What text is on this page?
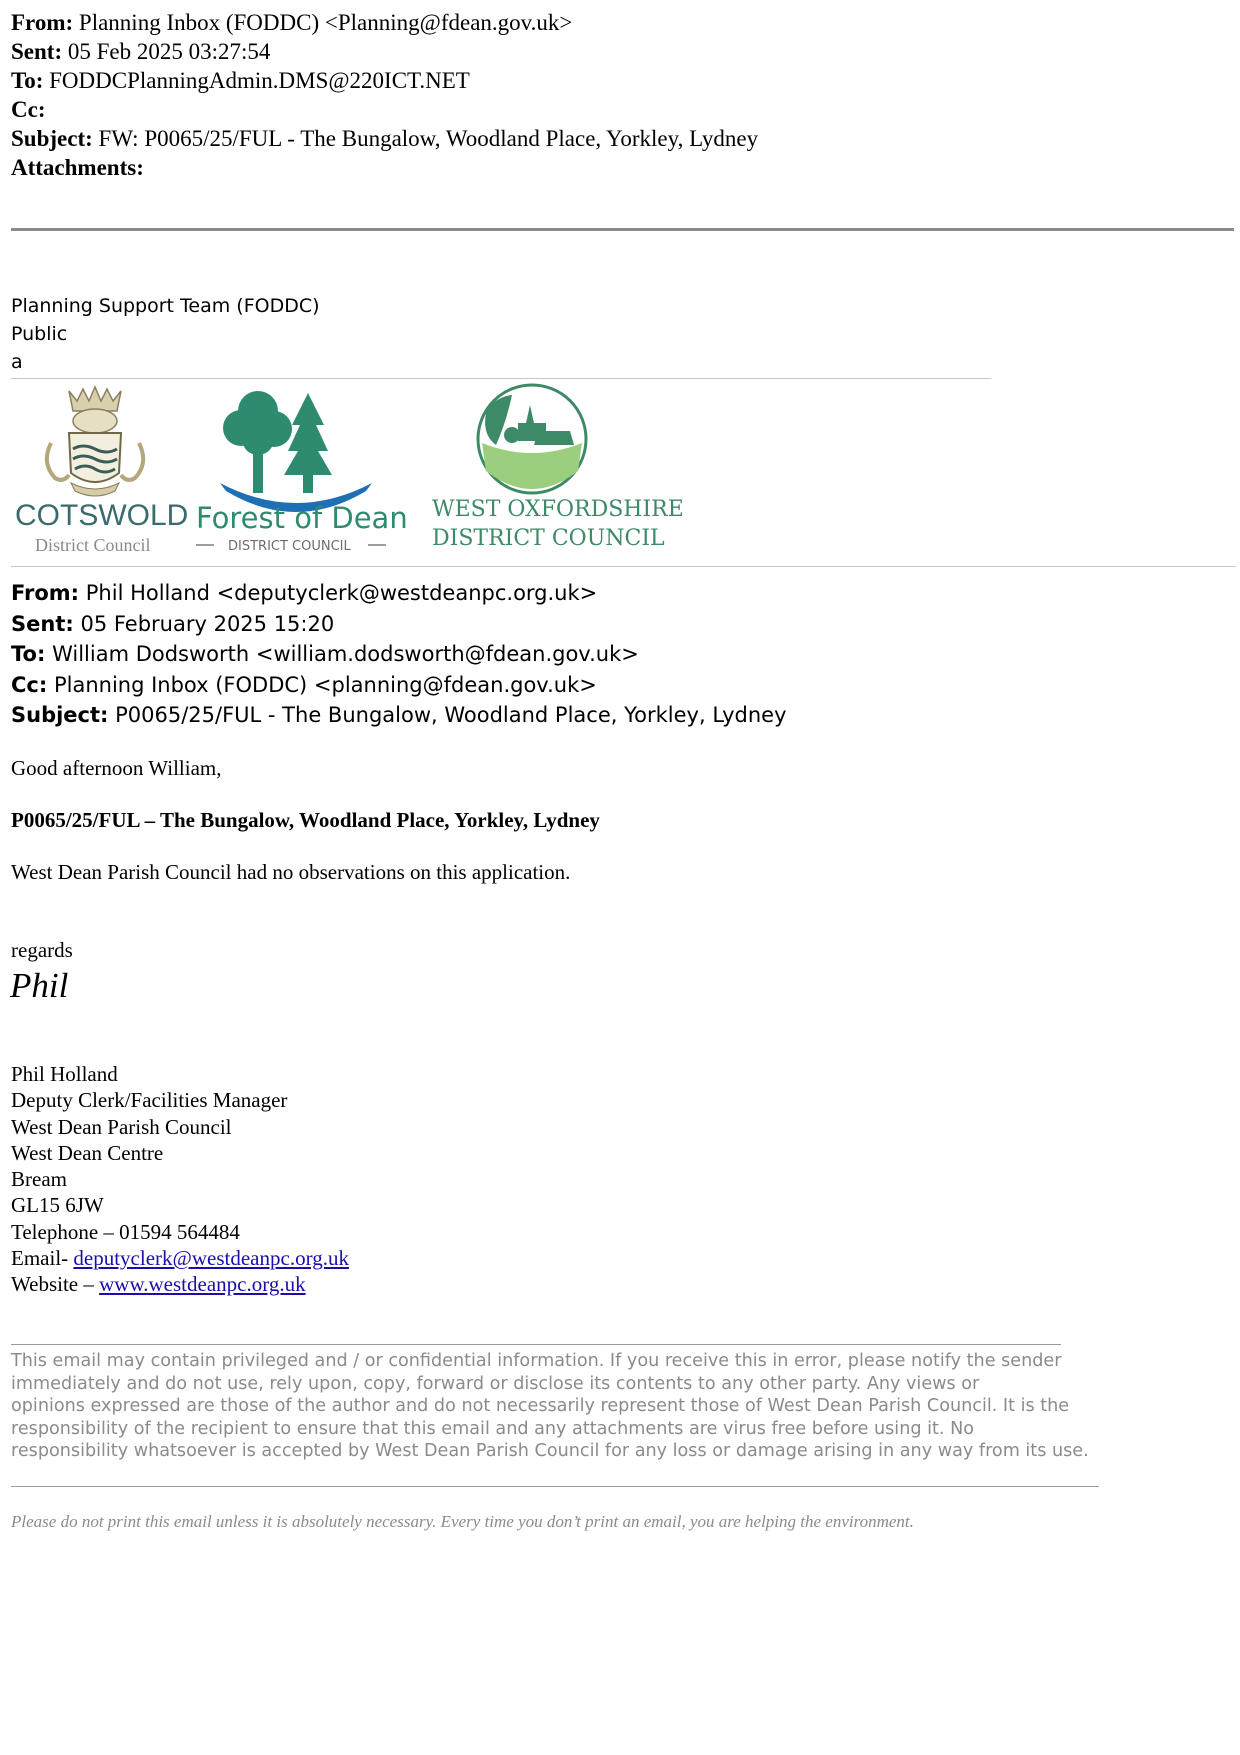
From: Planning Inbox (FODDC) <Planning@fdean.gov.uk>
Sent: 05 Feb 2025 03:27:54
To: FODDCPlanningAdmin.DMS@220ICT.NET
Cc:
Subject: FW: P0065/25/FUL - The Bungalow, Woodland Place, Yorkley, Lydney
Attachments:
Planning Support Team (FODDC)
Public
a
COTSWOLD
District Council
Forest of Dean
DISTRICT COUNCIL
WEST OXFORDSHIRE
DISTRICT COUNCIL
From: Phil Holland <deputyclerk@westdeanpc.org.uk>
Sent: 05 February 2025 15:20
To: William Dodsworth <william.dodsworth@fdean.gov.uk>
Cc: Planning Inbox (FODDC) <planning@fdean.gov.uk>
Subject: P0065/25/FUL - The Bungalow, Woodland Place, Yorkley, Lydney
Good afternoon William,
P0065/25/FUL – The Bungalow, Woodland Place, Yorkley, Lydney
West Dean Parish Council had no observations on this application.
regards
Phil
Phil Holland
Deputy Clerk/Facilities Manager
West Dean Parish Council
West Dean Centre
Bream
GL15 6JW
Telephone – 01594 564484
Email- deputyclerk@westdeanpc.org.uk
Website – www.westdeanpc.org.uk
This email may contain privileged and / or confidential information. If you receive this in error, please notify the sender
immediately and do not use, rely upon, copy, forward or disclose its contents to any other party. Any views or
opinions expressed are those of the author and do not necessarily represent those of West Dean Parish Council. It is the
responsibility of the recipient to ensure that this email and any attachments are virus free before using it. No
responsibility whatsoever is accepted by West Dean Parish Council for any loss or damage arising in any way from its use.
Please do not print this email unless it is absolutely necessary. Every time you don’t print an email, you are helping the environment.
